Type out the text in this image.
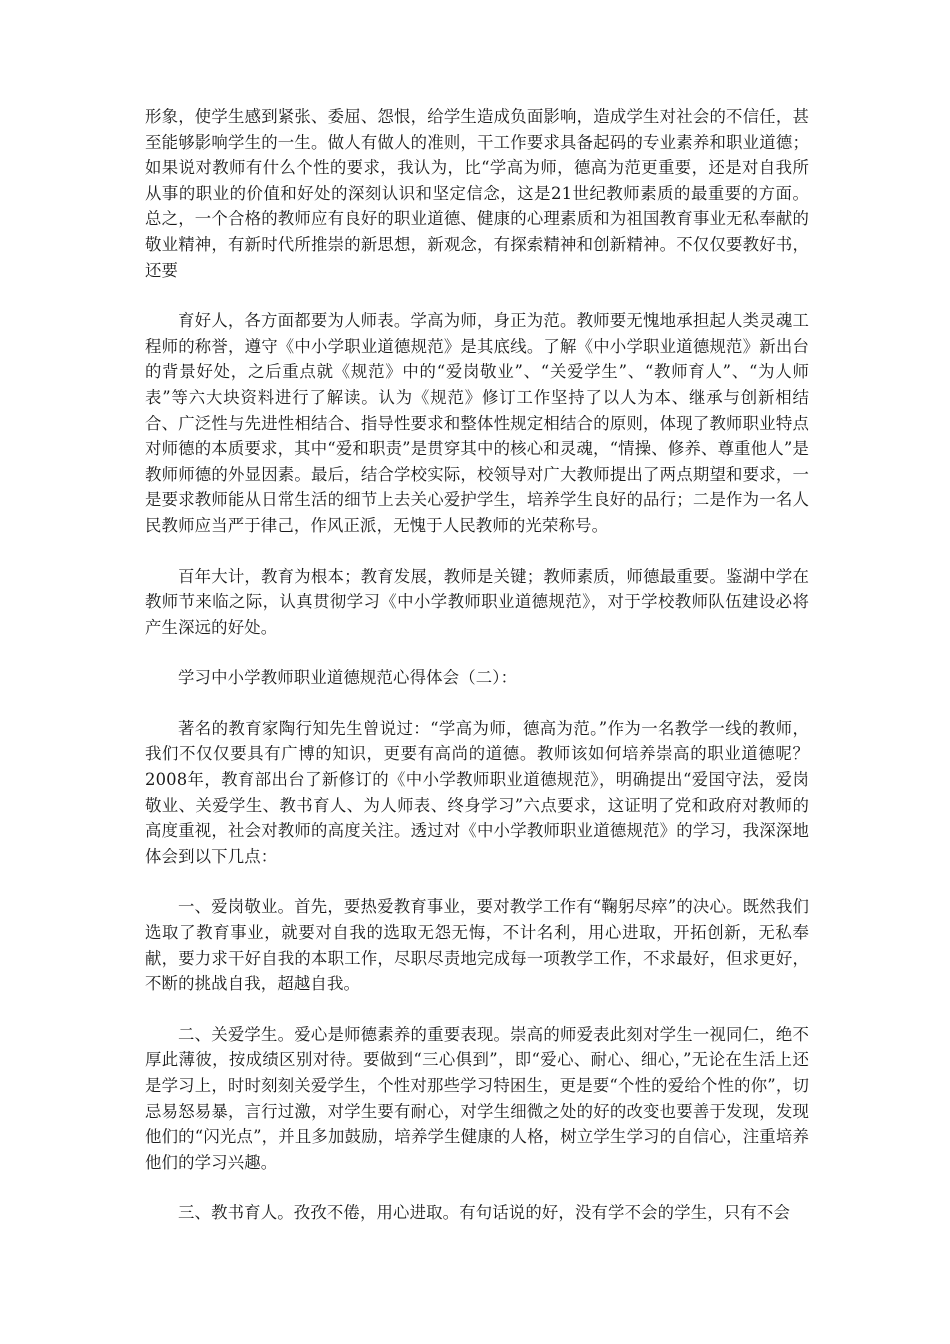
形象，使学生感到紧张、委屈、怨恨，给学生造成负面影响，造成学生对社会的不信任，甚至能够影响学生的一生。做人有做人的准则，干工作要求具备起码的专业素养和职业道德；如果说对教师有什么个性的要求，我认为，比“学高为师，德高为范更重要，还是对自我所从事的职业的价值和好处的深刻认识和坚定信念，这是21世纪教师素质的最重要的方面。总之，一个合格的教师应有良好的职业道德、健康的心理素质和为祖国教育事业无私奉献的敬业精神，有新时代所推崇的新思想，新观念，有探索精神和创新精神。不仅仅要教好书，还要

育好人，各方面都要为人师表。学高为师，身正为范。教师要无愧地承担起人类灵魂工程师的称誉，遵守《中小学职业道德规范》是其底线。了解《中小学职业道德规范》新出台的背景好处，之后重点就《规范》中的“爱岗敬业”、“关爱学生”、“教师育人”、“为人师表”等六大块资料进行了解读。认为《规范》修订工作坚持了以人为本、继承与创新相结合、广泛性与先进性相结合、指导性要求和整体性规定相结合的原则，体现了教师职业特点对师德的本质要求，其中“爱和职责”是贯穿其中的核心和灵魂，“情操、修养、尊重他人”是教师师德的外显因素。最后，结合学校实际，校领导对广大教师提出了两点期望和要求，一是要求教师能从日常生活的细节上去关心爱护学生，培养学生良好的品行；二是作为一名人民教师应当严于律己，作风正派，无愧于人民教师的光荣称号。

百年大计，教育为根本；教育发展，教师是关键；教师素质，师德最重要。鉴湖中学在教师节来临之际，认真贯彻学习《中小学教师职业道德规范》，对于学校教师队伍建设必将产生深远的好处。

学习中小学教师职业道德规范心得体会（二）：

著名的教育家陶行知先生曾说过：“学高为师，德高为范。”作为一名教学一线的教师，我们不仅仅要具有广博的知识，更要有高尚的道德。教师该如何培养崇高的职业道德呢？2008年，教育部出台了新修订的《中小学教师职业道德规范》，明确提出“爱国守法，爱岗敬业、关爱学生、教书育人、为人师表、终身学习”六点要求，这证明了党和政府对教师的高度重视，社会对教师的高度关注。透过对《中小学教师职业道德规范》的学习，我深深地体会到以下几点：

一、爱岗敬业。首先，要热爱教育事业，要对教学工作有“鞠躬尽瘁”的决心。既然我们选取了教育事业，就要对自我的选取无怨无悔，不计名利，用心进取，开拓创新，无私奉献，要力求干好自我的本职工作，尽职尽责地完成每一项教学工作，不求最好，但求更好，不断的挑战自我，超越自我。

二、关爱学生。爱心是师德素养的重要表现。崇高的师爱表此刻对学生一视同仁，绝不厚此薄彼，按成绩区别对待。要做到“三心俱到”，即“爱心、耐心、细心，”无论在生活上还是学习上，时时刻刻关爱学生，个性对那些学习特困生，更是要“个性的爱给个性的你”，切忌易怒易暴，言行过激，对学生要有耐心，对学生细微之处的好的改变也要善于发现，发现他们的“闪光点”，并且多加鼓励，培养学生健康的人格，树立学生学习的自信心，注重培养他们的学习兴趣。

三、教书育人。孜孜不倦，用心进取。有句话说的好，没有学不会的学生，只有不会
